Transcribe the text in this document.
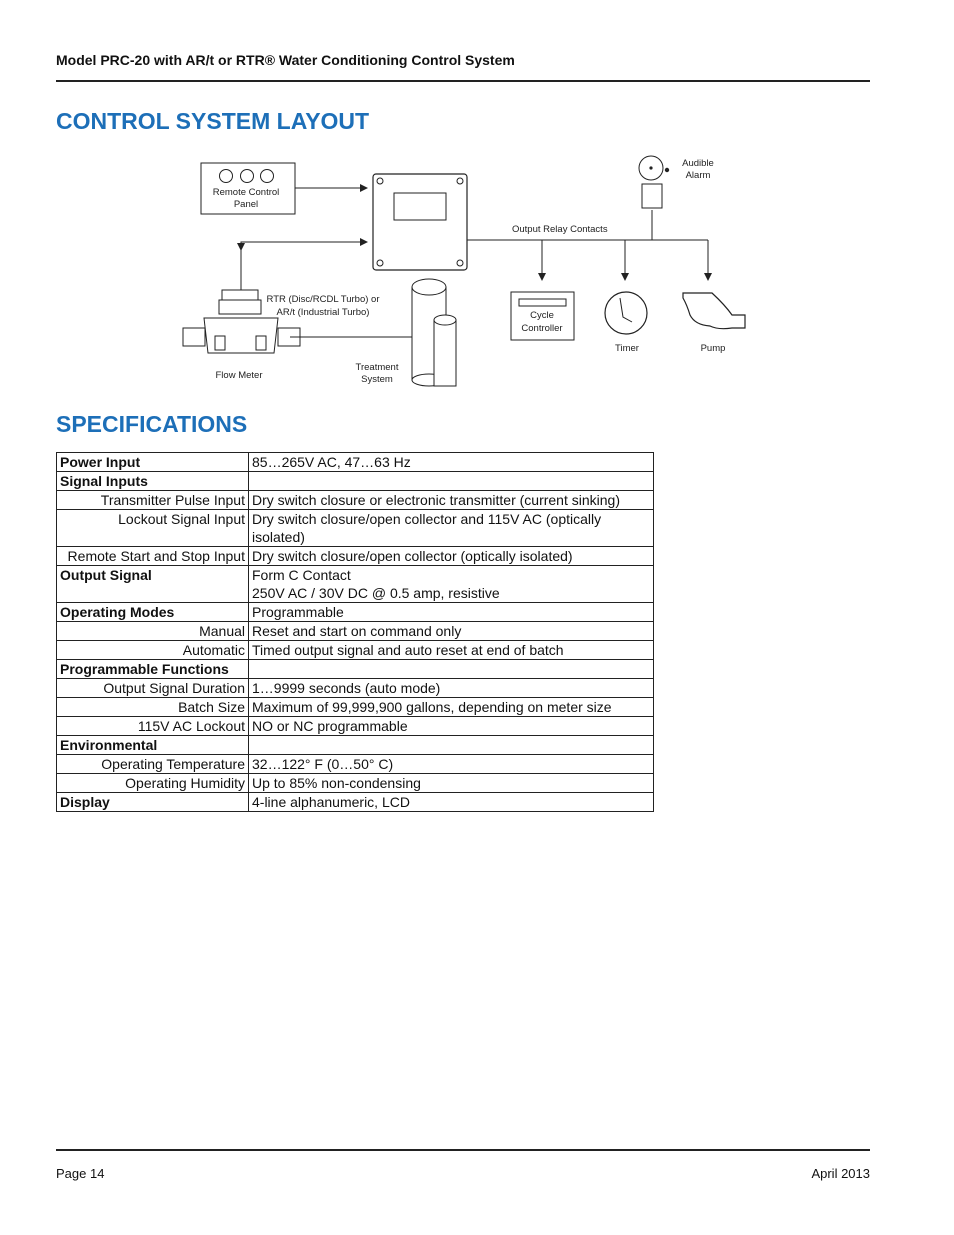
Model PRC-20 with AR/t or RTR® Water Conditioning Control System
CONTROL SYSTEM LAYOUT
Remote Control
Panel
Output Relay Contacts
Audible
Alarm
Cycle
Controller
Timer	Pump
Flow Meter
RTR (Disc/RCDL Turbo) or
AR/t (Industrial Turbo)
Treatment
System
SPECIFICATIONS
Power Input	85…265V AC, 47…63 Hz
Signal Inputs	
Transmitter Pulse Input	Dry switch closure or electronic transmitter (current sinking)
Lockout Signal Input	Dry switch closure/open collector and 115V AC (optically isolated)
Remote Start and Stop Input	Dry switch closure/open collector (optically isolated)
Output Signal	Form C Contact
250V AC / 30V DC @ 0.5 amp, resistive
Operating Modes	Programmable
Manual	Reset and start on command only
Automatic	Timed output signal and auto reset at end of batch
Programmable Functions	
Output Signal Duration	1…9999 seconds (auto mode)
Batch Size	Maximum of 99,999,900 gallons, depending on meter size
115V AC Lockout	NO or NC programmable
Environmental	
Operating Temperature	32…122° F (0…50° C)
Operating Humidity	Up to 85% non-condensing
Display	4-line alphanumeric, LCD
Page 14	April 2013
